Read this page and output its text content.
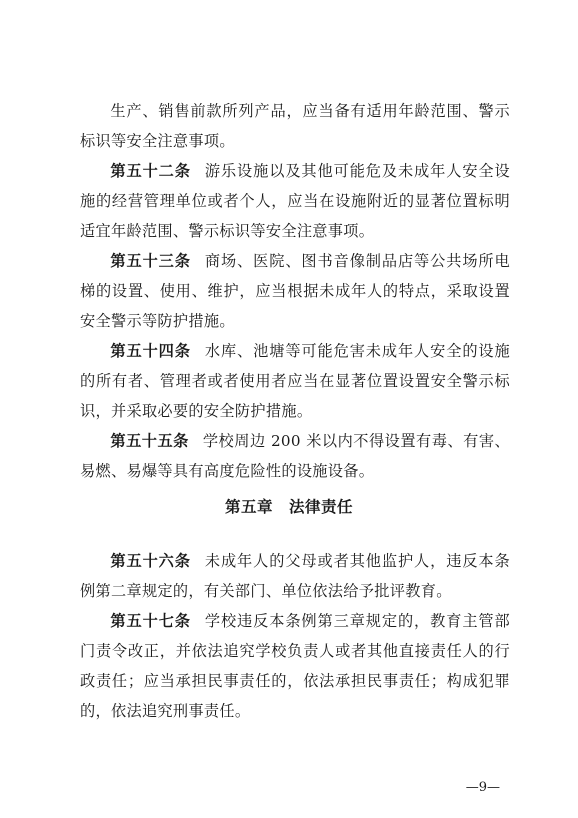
生产、销售前款所列产品，应当备有适用年龄范围、警示标识等安全注意事项。

第五十二条 游乐设施以及其他可能危及未成年人安全设施的经营管理单位或者个人，应当在设施附近的显著位置标明适宜年龄范围、警示标识等安全注意事项。

第五十三条 商场、医院、图书音像制品店等公共场所电梯的设置、使用、维护，应当根据未成年人的特点，采取设置安全警示等防护措施。

第五十四条 水库、池塘等可能危害未成年人安全的设施的所有者、管理者或者使用者应当在显著位置设置安全警示标识，并采取必要的安全防护措施。

第五十五条 学校周边 200 米以内不得设置有毒、有害、易燃、易爆等具有高度危险性的设施设备。

第五章　法律责任

第五十六条 未成年人的父母或者其他监护人，违反本条例第二章规定的，有关部门、单位依法给予批评教育。

第五十七条 学校违反本条例第三章规定的，教育主管部门责令改正，并依法追究学校负责人或者其他直接责任人的行政责任；应当承担民事责任的，依法承担民事责任；构成犯罪的，依法追究刑事责任。

—9—
